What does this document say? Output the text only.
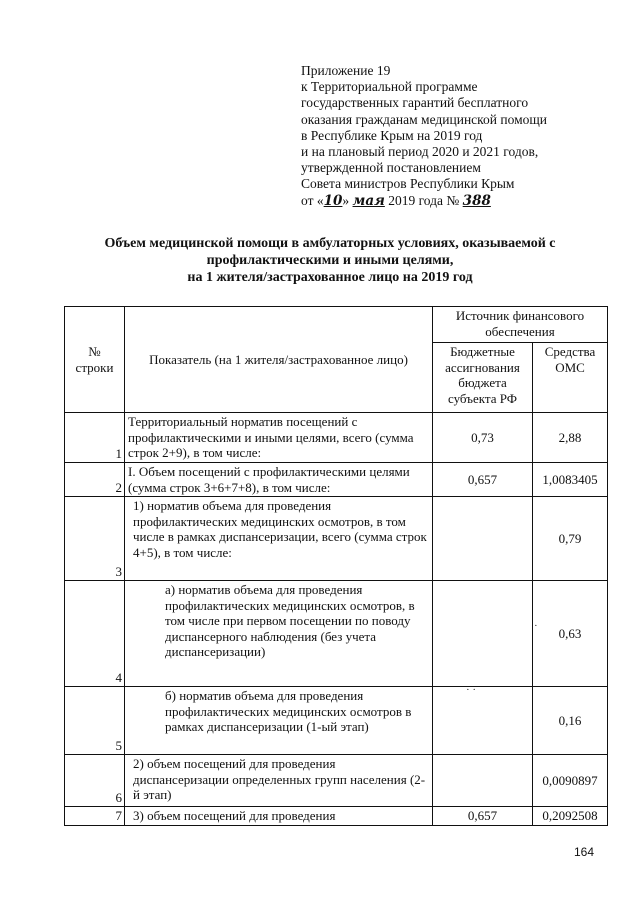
Приложение 19
к Территориальной программе
государственных гарантий бесплатного
оказания гражданам медицинской помощи
в Республике Крым на 2019 год
и на плановый период 2020 и 2021 годов,
утвержденной постановлением
Совета министров Республики Крым
от «10» мая 2019 года № 388
Объем медицинской помощи в амбулаторных условиях, оказываемой с
профилактическими и иными целями,
на 1 жителя/застрахованное лицо на 2019 год
№ строки	Показатель (на 1 жителя/застрахованное лицо)	Источник финансового обеспечения	
		Бюджетные ассигнования бюджета субъекта РФ	Средства ОМС
1	Территориальный норматив посещений с профилактическими и иными целями, всего (сумма строк 2+9), в том числе:	0,73	2,88
2	I. Объем посещений с профилактическими целями (сумма строк 3+6+7+8), в том числе:	0,657	1,0083405
3	1) норматив объема для проведения профилактических медицинских осмотров, в том числе в рамках диспансеризации, всего (сумма строк 4+5), в том числе:		0,79
4	а) норматив объема для проведения профилактических медицинских осмотров, в том числе при первом посещении по поводу диспансерного наблюдения (без учета диспансеризации)		0,63
5	б) норматив объема для проведения профилактических медицинских осмотров в рамках диспансеризации (1-ый этап)		0,16
6	2) объем посещений для проведения диспансеризации определенных групп населения (2-й этап)		0,0090897
7	3) объем посещений для проведения	0,657	0,2092508
· ·
·
164
